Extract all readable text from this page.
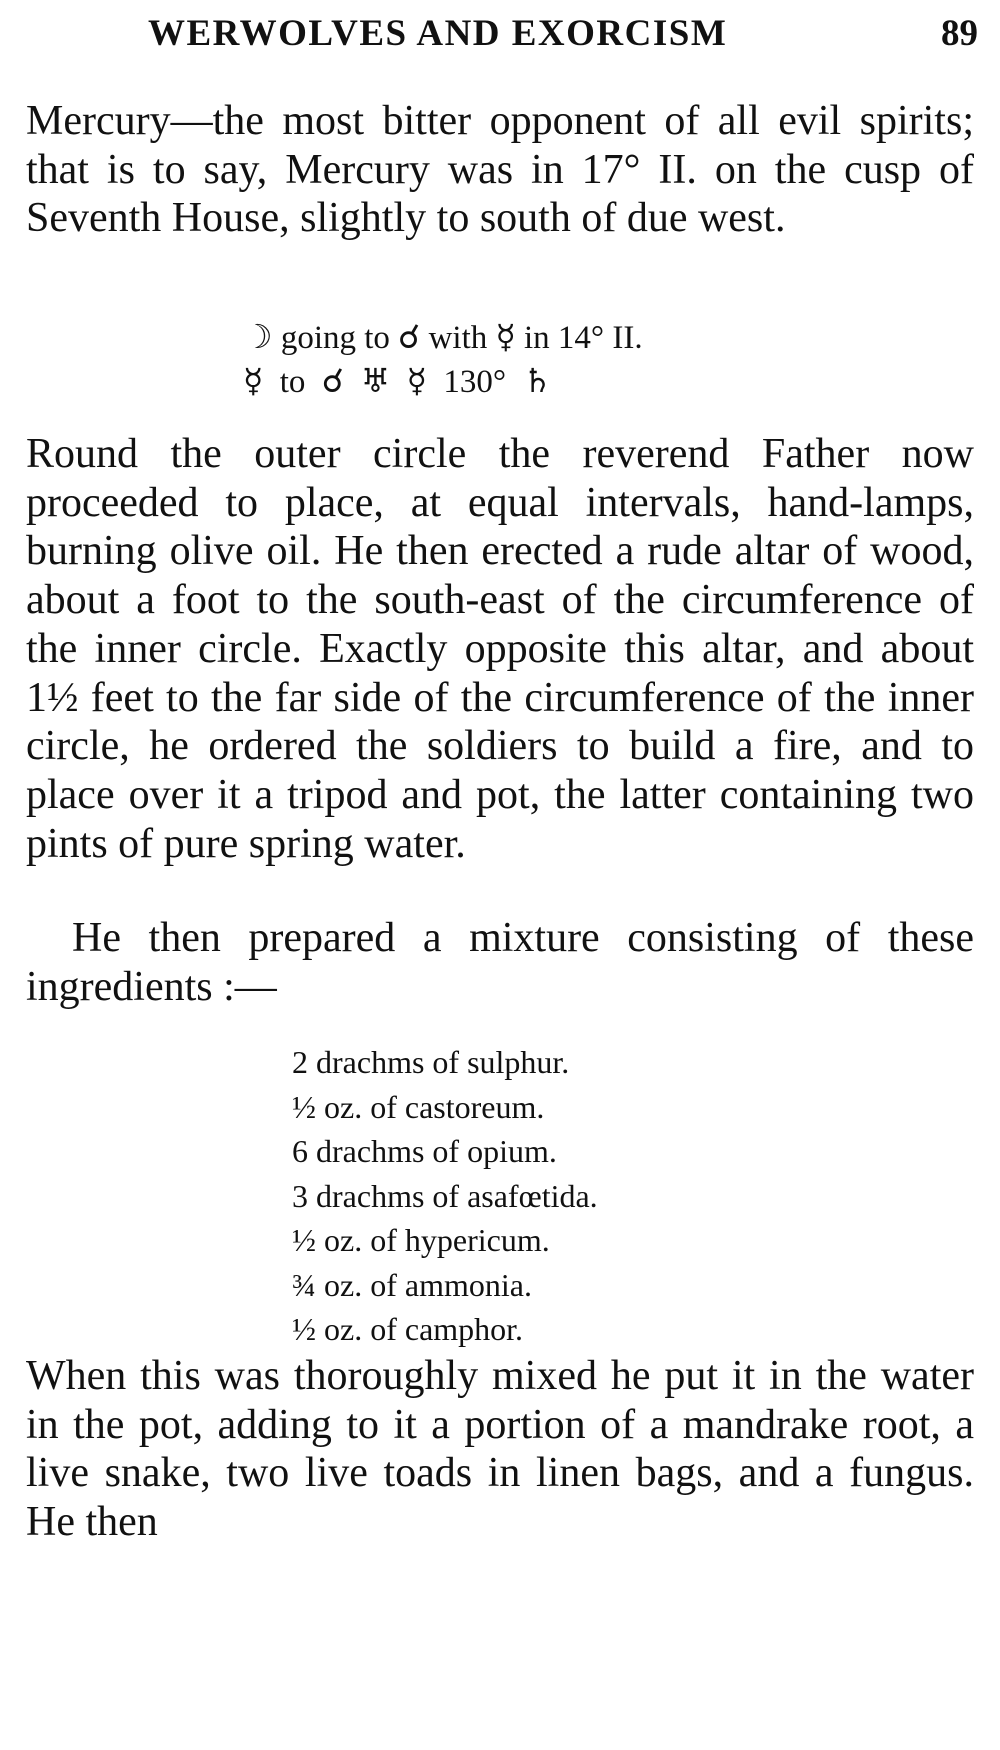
WERWOLVES AND EXORCISM	89

Mercury—the most bitter opponent of all evil spirits; that is to say, Mercury was in 17° II. on the cusp of Seventh House, slightly to south of due west.

☽ going to ☌ with ☿ in 14° II.
☿  to  ☌  ♅  ☿  130°  ♄

Round the outer circle the reverend Father now proceeded to place, at equal intervals, hand-lamps, burning olive oil. He then erected a rude altar of wood, about a foot to the south-east of the circumference of the inner circle. Exactly opposite this altar, and about 1½ feet to the far side of the circumference of the inner circle, he ordered the soldiers to build a fire, and to place over it a tripod and pot, the latter containing two pints of pure spring water.

He then prepared a mixture consisting of these ingredients :—

2 drachms of sulphur.
½ oz. of castoreum.
6 drachms of opium.
3 drachms of asafœtida.
½ oz. of hypericum.
¾ oz. of ammonia.
½ oz. of camphor.

When this was thoroughly mixed he put it in the water in the pot, adding to it a portion of a mandrake root, a live snake, two live toads in linen bags, and a fungus. He then
